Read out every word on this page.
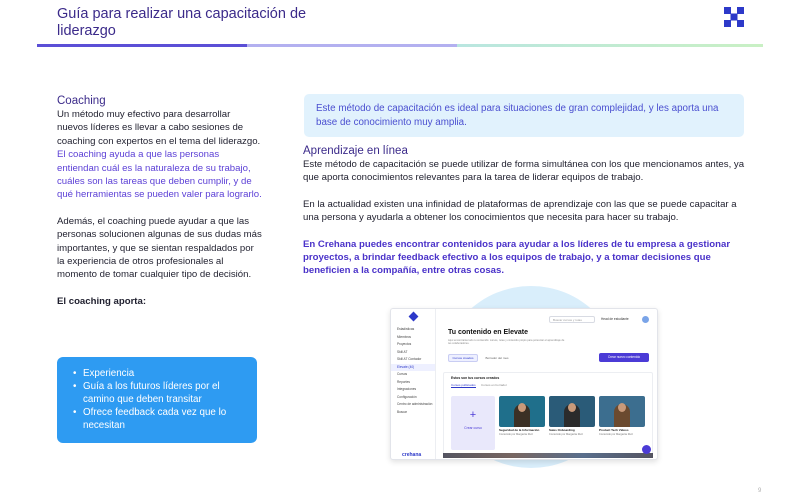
Guía para realizar una capacitación de liderazgo
Coaching

Un método muy efectivo para desarrollar nuevos líderes es llevar a cabo sesiones de coaching con expertos en el tema del liderazgo. El coaching ayuda a que las personas entiendan cuál es la naturaleza de su trabajo, cuáles son las tareas que deben cumplir, y de qué herramientas se pueden valer para lograrlo.

Además, el coaching puede ayudar a que las personas solucionen algunas de sus dudas más importantes, y que se sientan respaldados por la experiencia de otros profesionales al momento de tomar cualquier tipo de decisión.

El coaching aporta:

• Experiencia
• Guía a los futuros líderes por el camino que deben transitar
• Ofrece feedback cada vez que lo necesitan
Este método de capacitación es ideal para situaciones de gran complejidad, y les aporta una base de conocimiento muy amplia.
Aprendizaje en línea

Este método de capacitación se puede utilizar de forma simultánea con los que mencionamos antes, ya que aporta conocimientos relevantes para la tarea de liderar equipos de trabajo.

En la actualidad existen una infinidad de plataformas de aprendizaje con las que se puede capacitar a una persona y ayudarla a obtener los conocimientos que necesita para hacer su trabajo.

En Crehana puedes encontrar contenidos para ayudar a los líderes de tu empresa a gestionar proyectos, a brindar feedback efectivo a los equipos de trabajo, y a tomar decisiones que beneficien a la compañía, entre otras cosas.

Estadísticas
Miembros
Proyectos
Skill AT
Skill AT Contador
Elevate (40)
Cursos
Reportes
Integraciones
Configuración
Centro de administración
Buscar
crehana
Buscar cursos y rutas	Head de estudiante
Tu contenido en Elevate
Aquí encontrarás todo tu contenido: cursos, rutas y contenido propio para potenciar el aprendizaje de tus colaboradores.
Cursos creados	Borrador del mes	Crear nuevo contenido
Estos son tus cursos creados
Cursos publicados Cursos en borrador
+
Crear curso	Seguridad de la Información
Contenido por Margarita Ruiz
Sales Onboarding
Contenido por Margarita Ruiz
Product Tech Videos
Contenido por Margarita Ruiz
9
